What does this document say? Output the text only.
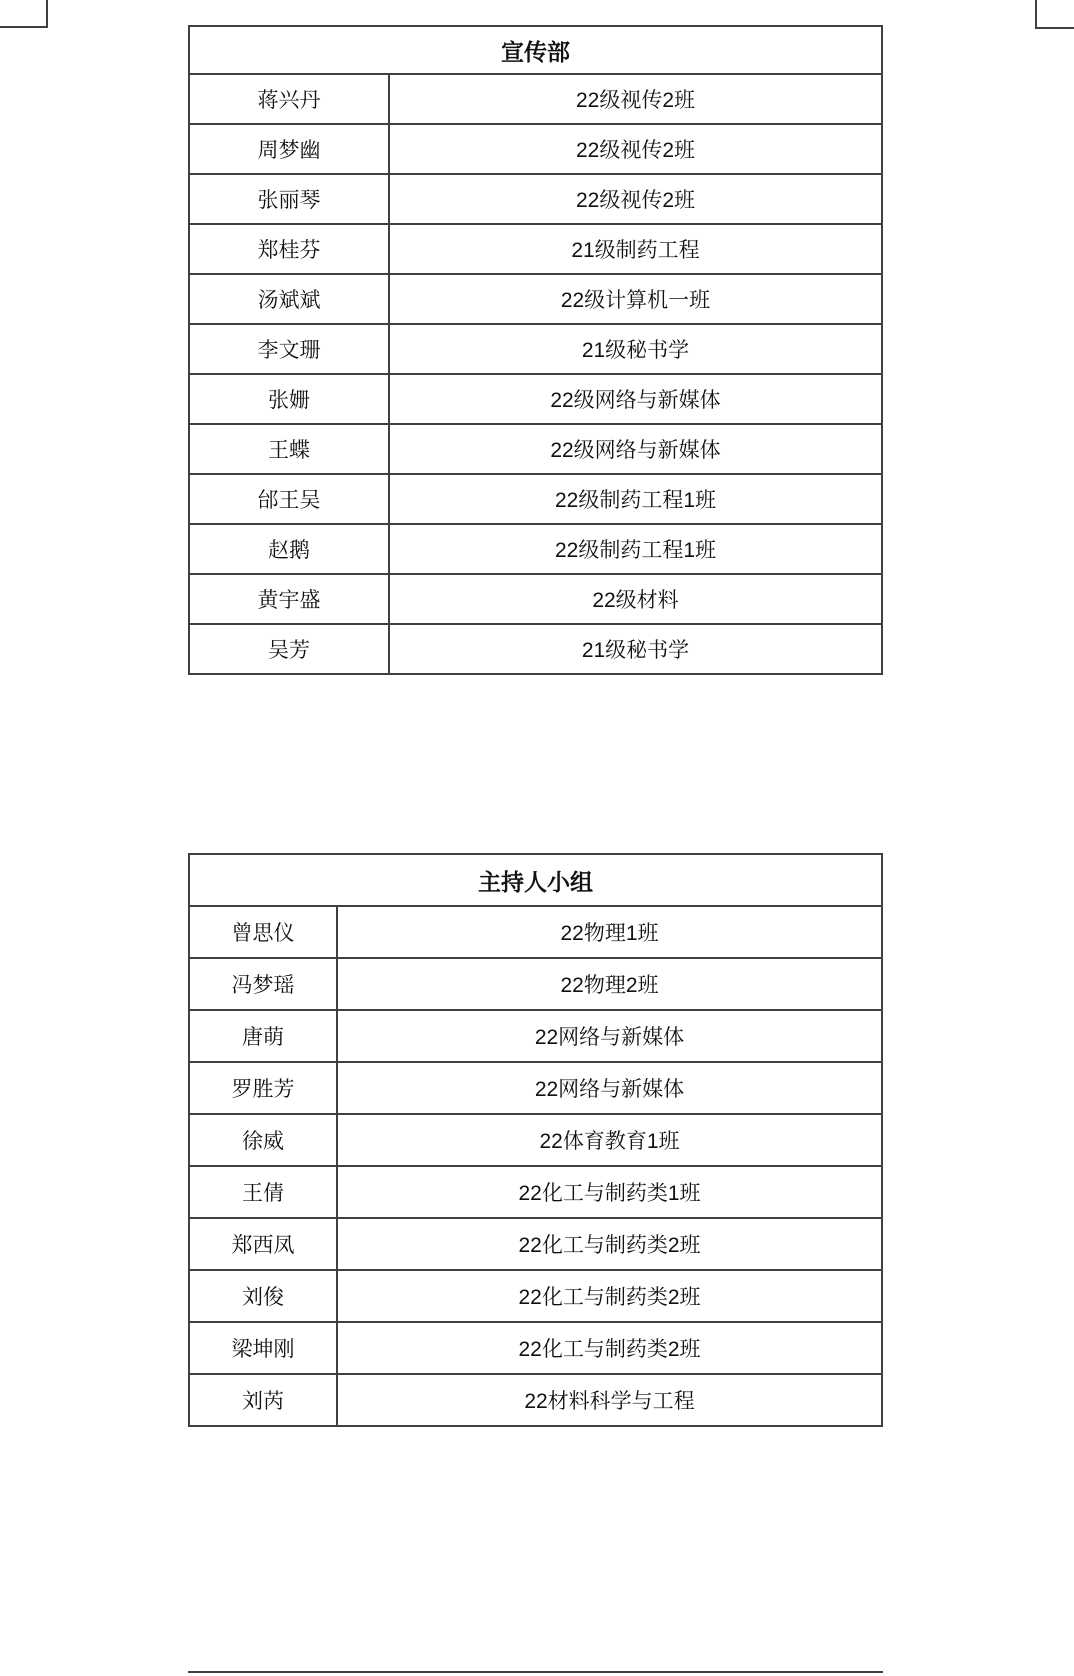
宣传部	
蒋兴丹	22级视传2班
周梦幽	22级视传2班
张丽琴	22级视传2班
郑桂芬	21级制药工程
汤斌斌	22级计算机一班
李文珊	21级秘书学
张姗	22级网络与新媒体
王蝶	22级网络与新媒体
邰王吴	22级制药工程1班
赵鹅	22级制药工程1班
黄宇盛	22级材料
吴芳	21级秘书学
主持人小组	
曾思仪	22物理1班
冯梦瑶	22物理2班
唐萌	22网络与新媒体
罗胜芳	22网络与新媒体
徐威	22体育教育1班
王倩	22化工与制药类1班
郑西凤	22化工与制药类2班
刘俊	22化工与制药类2班
梁坤刚	22化工与制药类2班
刘芮	22材料科学与工程
